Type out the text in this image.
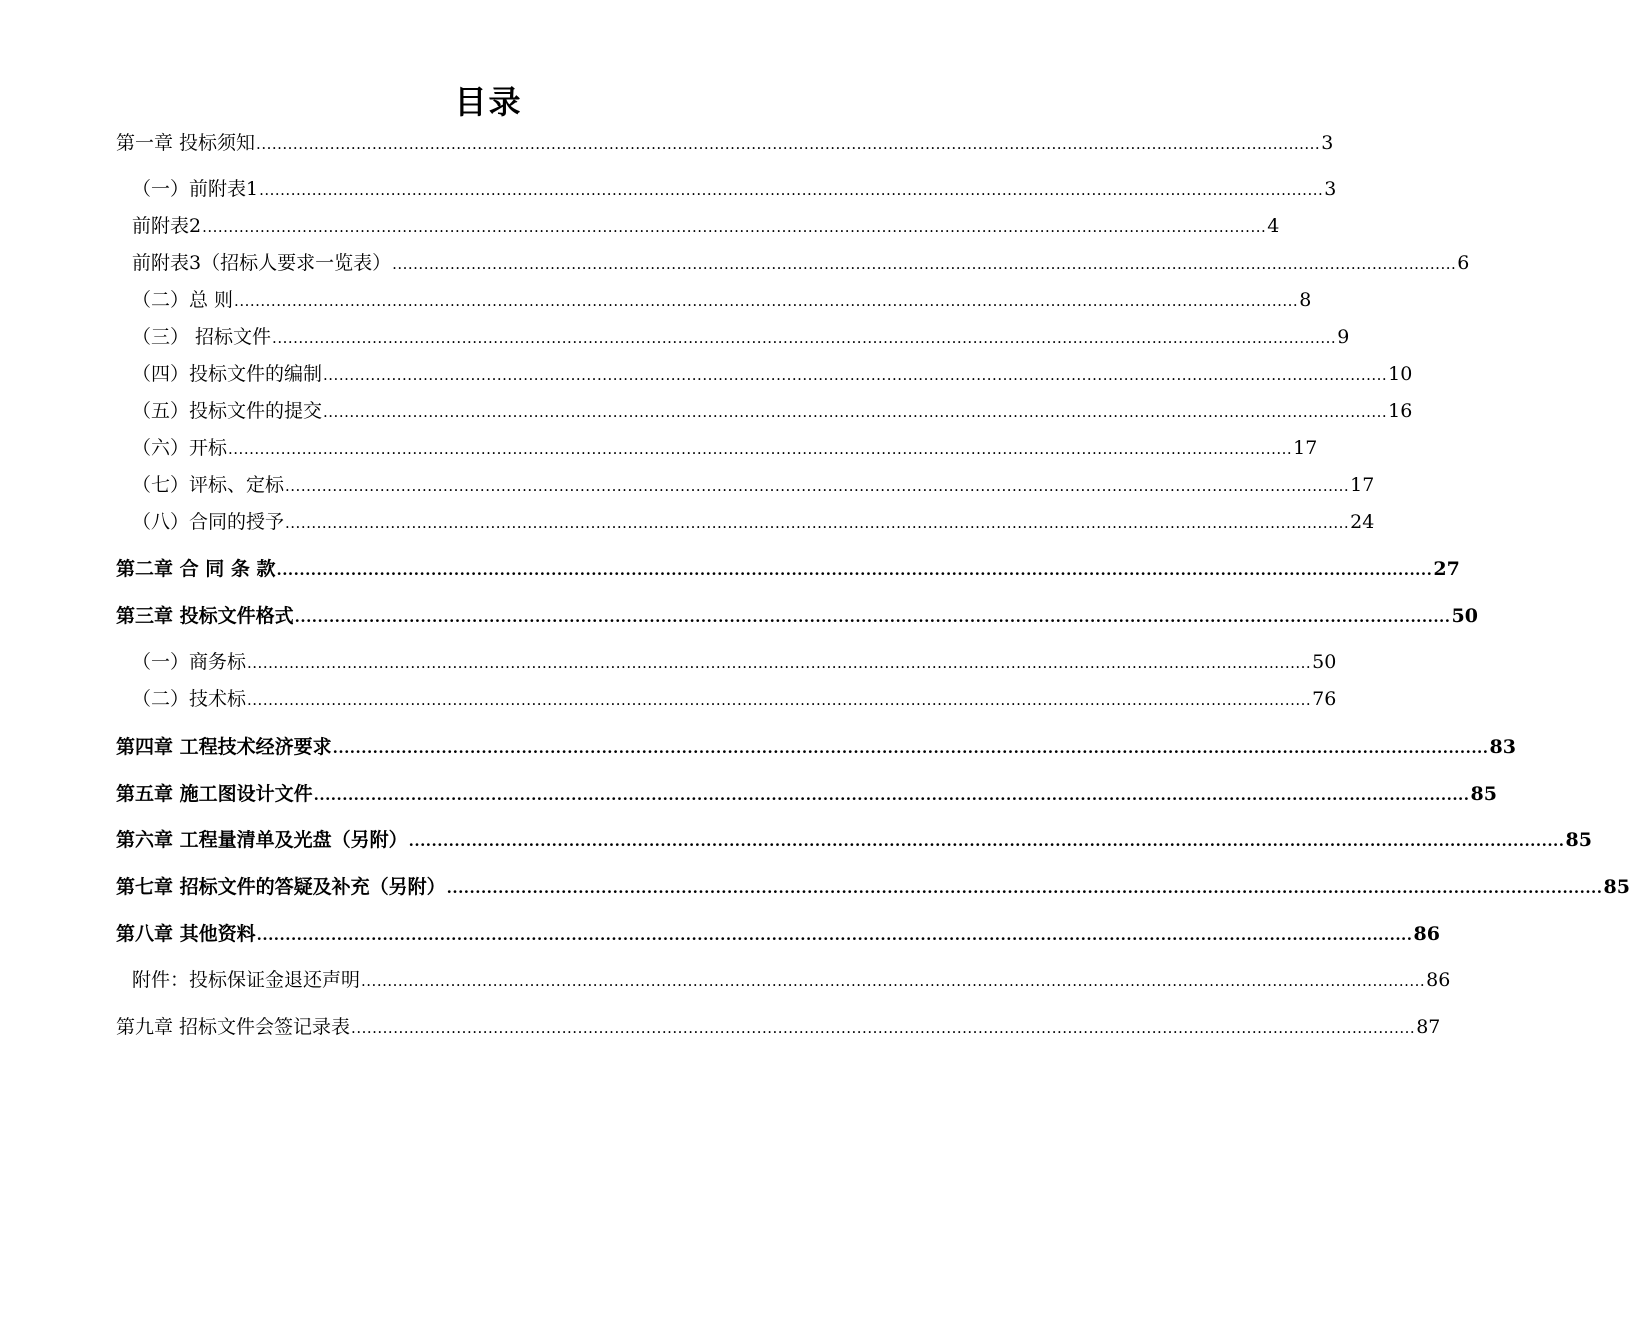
目录
第一章 投标须知 .....	3
（一）前附表1 .....	3
前附表2 .....	4
前附表3（招标人要求一览表） .....	6
（二）总 则 .....	8
（三） 招标文件 .....	9
（四）投标文件的编制 .....	10
（五）投标文件的提交 .....	16
（六）开标 .....	17
（七）评标、定标 .....	17
（八）合同的授予 .....	24
第二章 合 同 条 款 .....	27
第三章 投标文件格式 .....	50
（一）商务标 .....	50
（二）技术标 .....	76
第四章 工程技术经济要求 .....	83
第五章 施工图设计文件 .....	85
第六章 工程量清单及光盘（另附） .....	85
第七章 招标文件的答疑及补充（另附） .....	85
第八章 其他资料 .....	86
附件：投标保证金退还声明 .....	86
第九章 招标文件会签记录表 .....	87
